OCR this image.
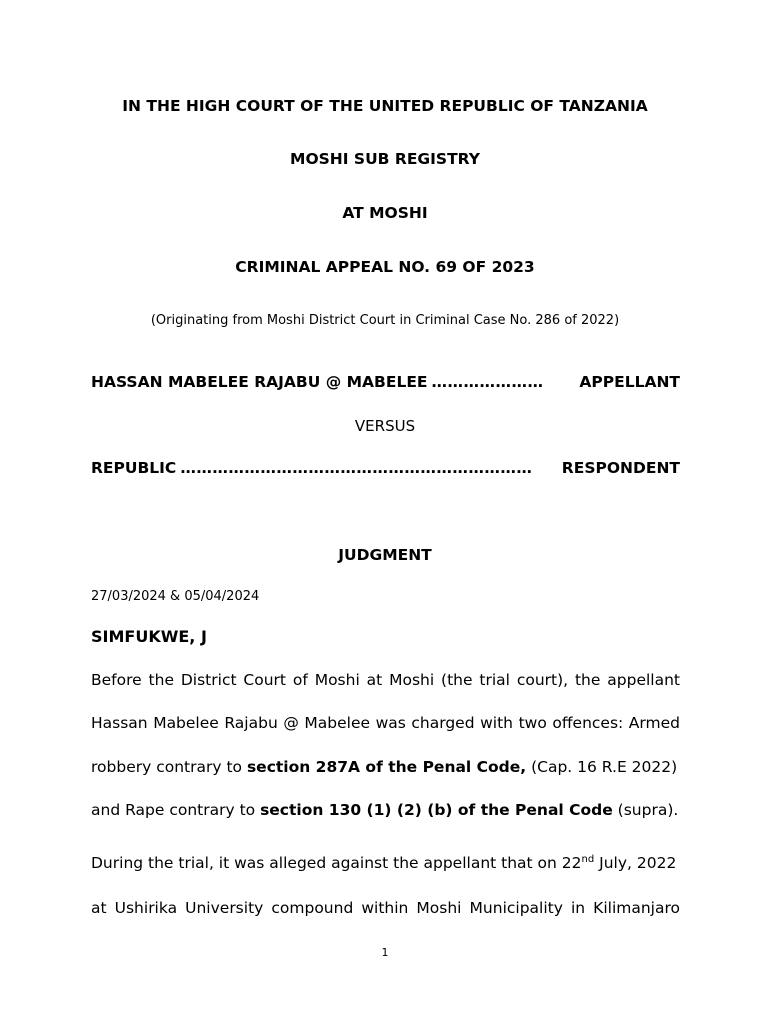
IN THE HIGH COURT OF THE UNITED REPUBLIC OF TANZANIA
MOSHI SUB REGISTRY
AT MOSHI
CRIMINAL APPEAL NO. 69 OF 2023
(Originating from Moshi District Court in Criminal Case No. 286 of 2022)
HASSAN MABELEE RAJABU @ MABELEE …………………	APPELLANT
VERSUS
REPUBLIC …………………………………………………………	RESPONDENT
JUDGMENT
27/03/2024 & 05/04/2024
SIMFUKWE, J
Before the District Court of Moshi at Moshi (the trial court), the appellant
Hassan Mabelee Rajabu @ Mabelee was charged with two offences: Armed
robbery contrary to section 287A of the Penal Code, (Cap. 16 R.E 2022)
and Rape contrary to section 130 (1) (2) (b) of the Penal Code (supra).
During the trial, it was alleged against the appellant that on 22nd July, 2022
at Ushirika University compound within Moshi Municipality in Kilimanjaro
1
